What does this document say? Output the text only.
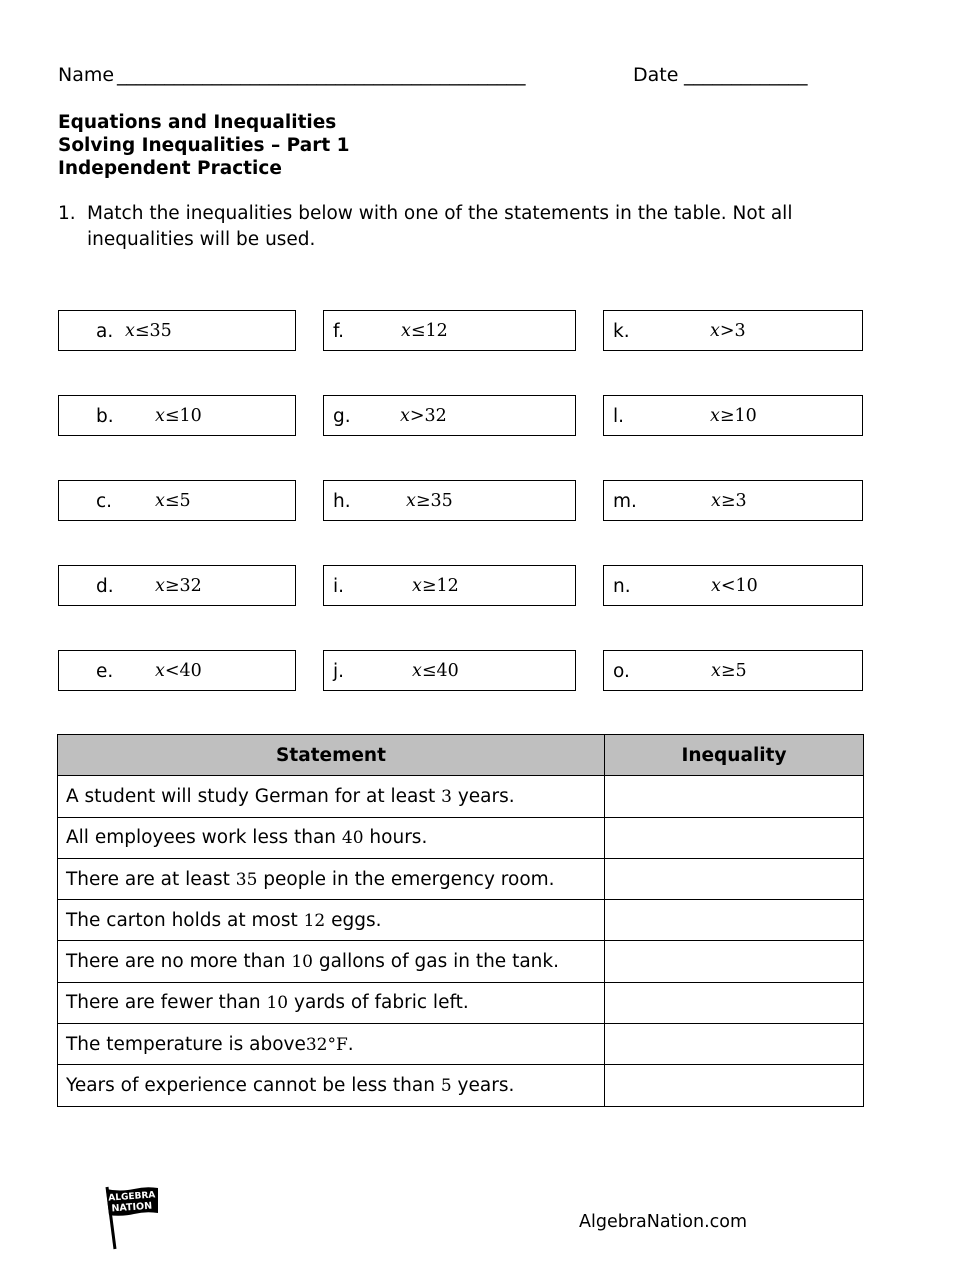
Name ___________________________________________	Date _____________
Equations and Inequalities
Solving Inequalities – Part 1
Independent Practice
1. Match the inequalities below with one of the statements in the table. Not all inequalities will be used.
a. x≤35
b. x≤10
c. x≤5
d. x≥32
e. x<40
f.	x≤12
g.	x>32
h.	x≥35
i.	x≥12
j.	x≤40
k.	x>3
l.	x≥10
m.	x≥3
n.	x<10
o.	x≥5
Statement	Inequality
A student will study German for at least 3 years.	
All employees work less than 40 hours.	
There are at least 35 people in the emergency room.	
The carton holds at most 12 eggs.	
There are no more than 10 gallons of gas in the tank.	
There are fewer than 10 yards of fabric left.	
The temperature is above32°F.	
Years of experience cannot be less than 5 years.	
ALGEBRA
NATION
AlgebraNation.com
